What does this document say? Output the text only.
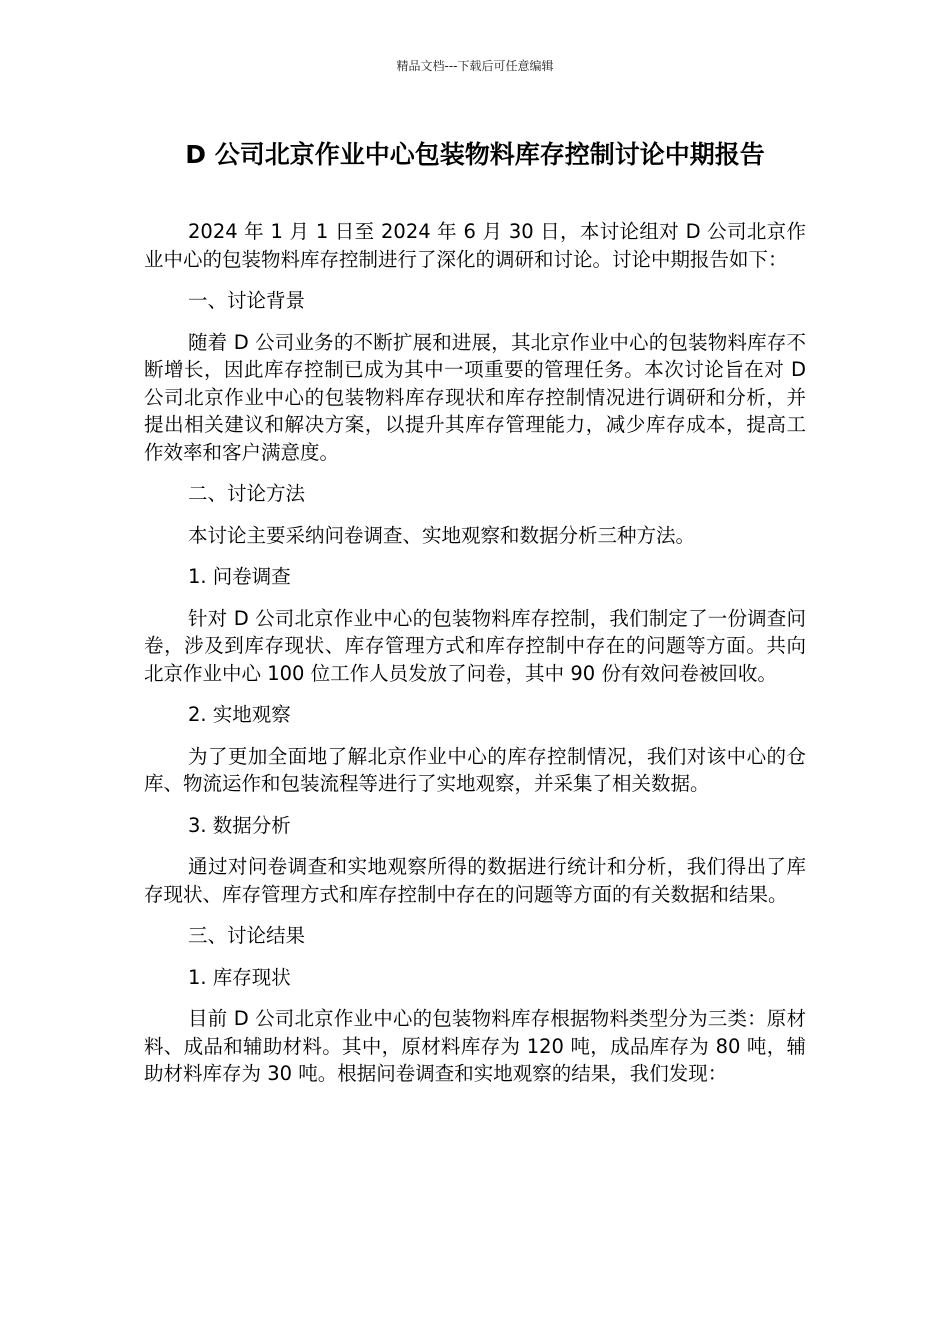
精品文档---下载后可任意编辑
D 公司北京作业中心包装物料库存控制讨论中期报告

2024 年 1 月 1 日至 2024 年 6 月 30 日，本讨论组对 D 公司北京作业中心的包装物料库存控制进行了深化的调研和讨论。讨论中期报告如下：

一、讨论背景

随着 D 公司业务的不断扩展和进展，其北京作业中心的包装物料库存不断增长，因此库存控制已成为其中一项重要的管理任务。本次讨论旨在对 D 公司北京作业中心的包装物料库存现状和库存控制情况进行调研和分析，并提出相关建议和解决方案，以提升其库存管理能力，减少库存成本，提高工作效率和客户满意度。

二、讨论方法

本讨论主要采纳问卷调查、实地观察和数据分析三种方法。

1. 问卷调查

针对 D 公司北京作业中心的包装物料库存控制，我们制定了一份调查问卷，涉及到库存现状、库存管理方式和库存控制中存在的问题等方面。共向北京作业中心 100 位工作人员发放了问卷，其中 90 份有效问卷被回收。

2. 实地观察

为了更加全面地了解北京作业中心的库存控制情况，我们对该中心的仓库、物流运作和包装流程等进行了实地观察，并采集了相关数据。

3. 数据分析

通过对问卷调查和实地观察所得的数据进行统计和分析，我们得出了库存现状、库存管理方式和库存控制中存在的问题等方面的有关数据和结果。

三、讨论结果

1. 库存现状

目前 D 公司北京作业中心的包装物料库存根据物料类型分为三类：原材料、成品和辅助材料。其中，原材料库存为 120 吨，成品库存为 80 吨，辅助材料库存为 30 吨。根据问卷调查和实地观察的结果，我们发现：
